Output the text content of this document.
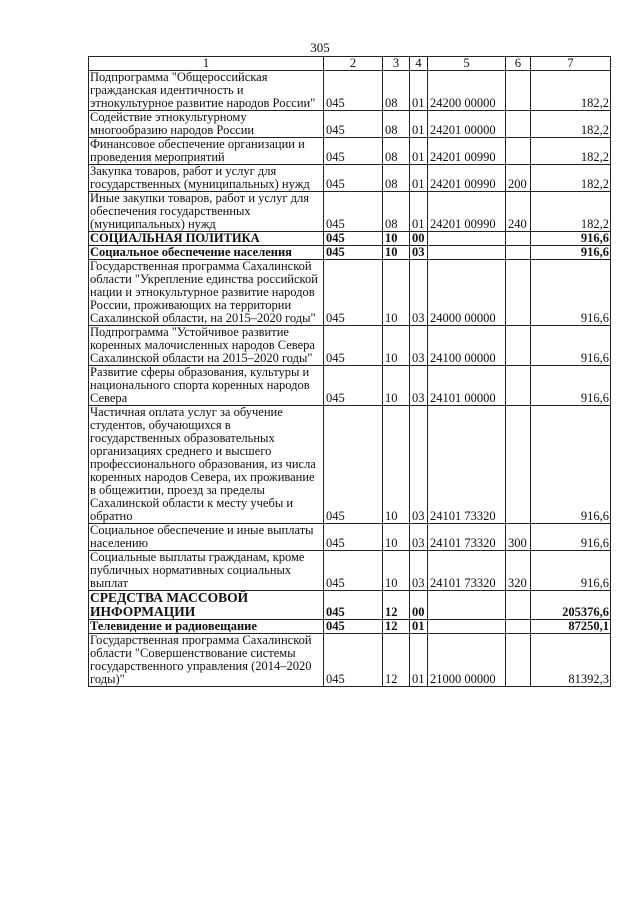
305
1	2	3	4	5	6	7
Подпрограмма "Общероссийская гражданская идентичность и этнокультурное развитие народов России"	045	08	01	24200 00000		182,2
Содействие этнокультурному многообразию народов России	045	08	01	24201 00000		182,2
Финансовое обеспечение организации и проведения мероприятий	045	08	01	24201 00990		182,2
Закупка товаров, работ и услуг для государственных (муниципальных) нужд	045	08	01	24201 00990	200	182,2
Иные закупки товаров, работ и услуг для обеспечения государственных (муниципальных) нужд	045	08	01	24201 00990	240	182,2
СОЦИАЛЬНАЯ ПОЛИТИКА	045	10	00			916,6
Социальное обеспечение населения	045	10	03			916,6
Государственная программа Сахалинской области "Укрепление единства российской нации и этнокультурное развитие народов России, проживающих на территории Сахалинской области, на 2015–2020 годы"	045	10	03	24000 00000		916,6
Подпрограмма "Устойчивое развитие коренных малочисленных народов Севера Сахалинской области на 2015–2020 годы"	045	10	03	24100 00000		916,6
Развитие сферы образования, культуры и национального спорта коренных народов Севера	045	10	03	24101 00000		916,6
Частичная оплата услуг за обучение студентов, обучающихся в государственных образовательных организациях среднего и высшего профессионального образования, из числа коренных народов Севера, их проживание в общежитии, проезд за пределы Сахалинской области к месту учебы и обратно	045	10	03	24101 73320		916,6
Социальное обеспечение и иные выплаты населению	045	10	03	24101 73320	300	916,6
Социальные выплаты гражданам, кроме публичных нормативных социальных выплат	045	10	03	24101 73320	320	916,6
СРЕДСТВА МАССОВОЙ ИНФОРМАЦИИ	045	12	00			205376,6
Телевидение и радиовещание	045	12	01			87250,1
Государственная программа Сахалинской области "Совершенствование системы государственного управления (2014–2020 годы)"	045	12	01	21000 00000		81392,3
